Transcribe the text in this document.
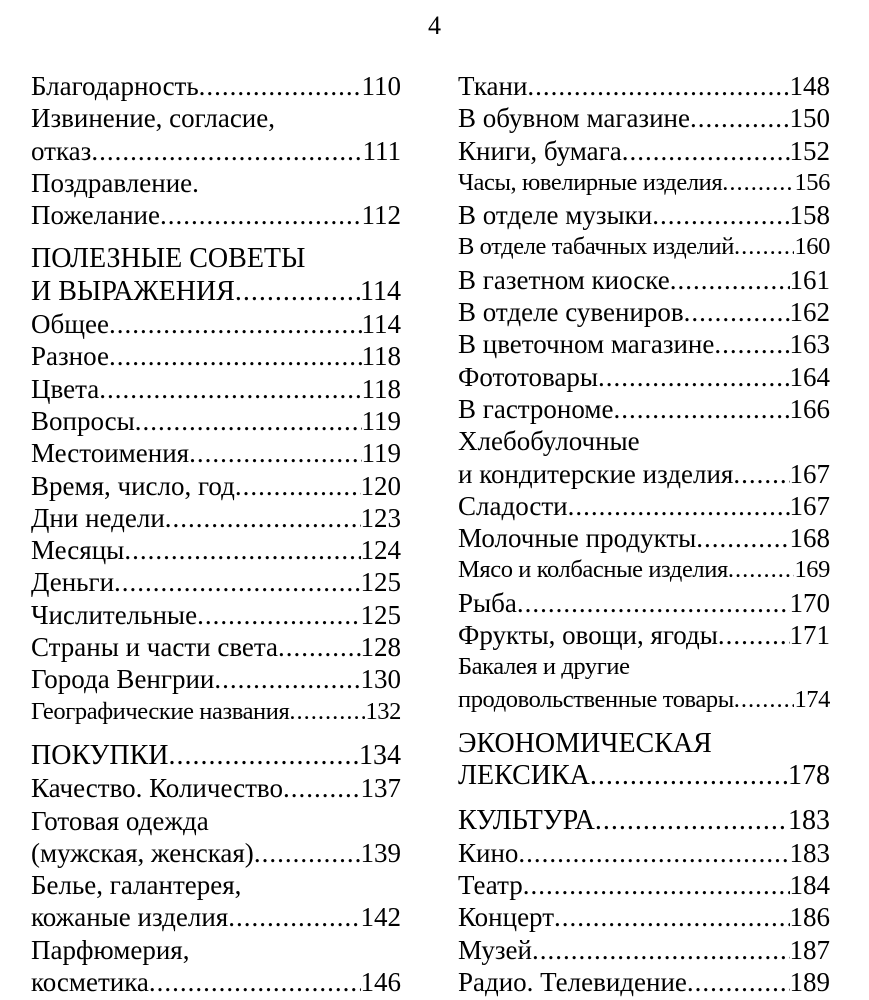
4
Благодарность .....	110
Извинение, согласие,
отказ .....	111
Поздравление.
Пожелание .....	112
ПОЛЕЗНЫЕ СОВЕТЫ
И ВЫРАЖЕНИЯ .....	114
Общее .....	114
Разное .....	118
Цвета .....	118
Вопросы .....	119
Местоимения .....	119
Время, число, год .....	120
Дни недели .....	123
Месяцы .....	124
Деньги .....	125
Числительные .....	125
Страны и части света .....	128
Города Венгрии .....	130
Географические названия .....	132
ПОКУПКИ .....	134
Качество. Количество .....	137
Готовая одежда
(мужская, женская) .....	139
Белье, галантерея,
кожаные изделия .....	142
Парфюмерия,
косметика .....	146
Ткани .....	148
В обувном магазине .....	150
Книги, бумага .....	152
Часы, ювелирные изделия .....	156
В отделе музыки .....	158
В отделе табачных изделий ..... 160
В газетном киоске .....	161
В отделе сувениров .....	162
В цветочном магазине .....	163
Фототовары .....	164
В гастрономе .....	166
Хлебобулочные
и кондитерские изделия ..... 167
Сладости .....	167
Молочные продукты .....	168
Мясо и колбасные изделия .....	169
Рыба .....	170
Фрукты, овощи, ягоды .....	171
Бакалея и другие
продовольственные товары ..... 174
ЭКОНОМИЧЕСКАЯ
ЛЕКСИКА .....	178
КУЛЬТУРА .....	183
Кино .....	183
Театр .....	184
Концерт .....	186
Музей .....	187
Радио. Телевидение .....	189
